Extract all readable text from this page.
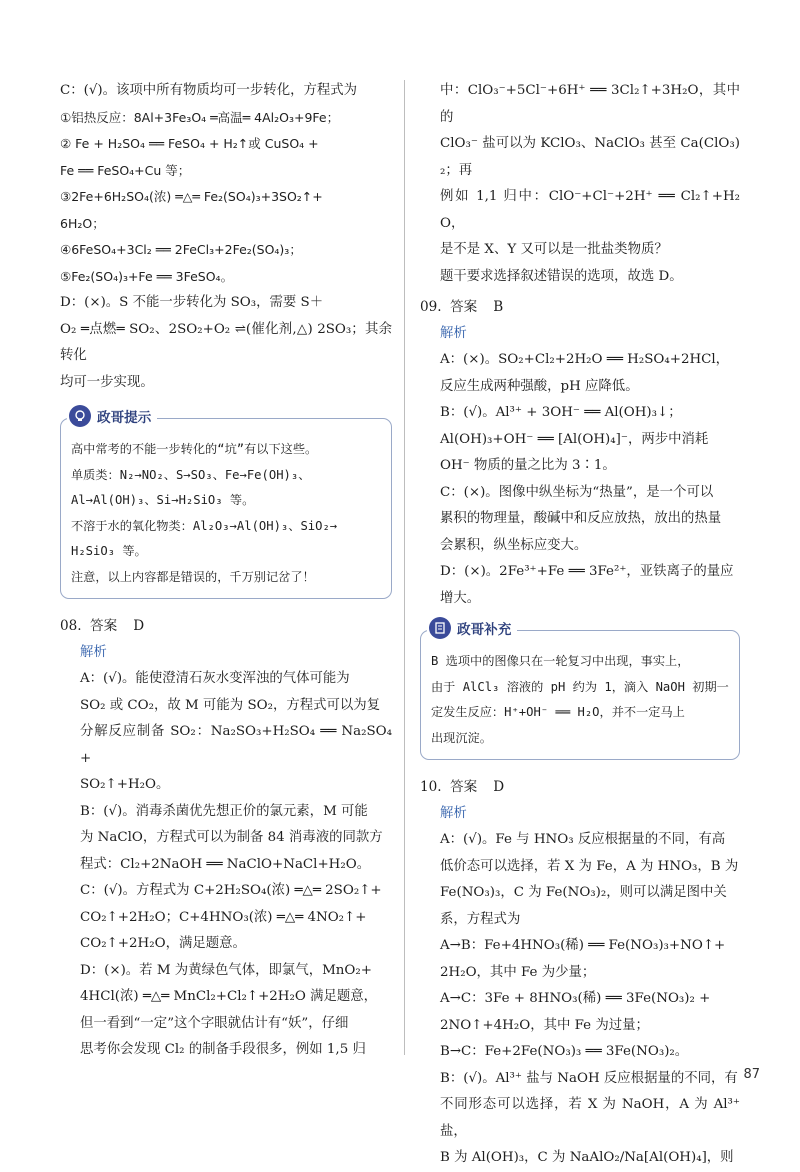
C：(√)。该项中所有物质均可一步转化，方程式为

①铝热反应：8Al+3Fe₃O₄ ═高温═ 4Al₂O₃+9Fe；

② Fe + H₂SO₄ ══ FeSO₄ + H₂↑或 CuSO₄ +

Fe ══ FeSO₄+Cu 等；

③2Fe+6H₂SO₄(浓) ═△═ Fe₂(SO₄)₃+3SO₂↑+

6H₂O；

④6FeSO₄+3Cl₂ ══ 2FeCl₃+2Fe₂(SO₄)₃；

⑤Fe₂(SO₄)₃+Fe ══ 3FeSO₄。

D：(×)。S 不能一步转化为 SO₃，需要 S＋

O₂ ═点燃═ SO₂、2SO₂+O₂ ⇌(催化剂,△) 2SO₃；其余转化

均可一步实现。

政哥提示

高中常考的不能一步转化的“坑”有以下这些。

单质类：N₂→NO₂、S→SO₃、Fe→Fe(OH)₃、

Al→Al(OH)₃、Si→H₂SiO₃ 等。

不溶于水的氧化物类：Al₂O₃→Al(OH)₃、SiO₂→

H₂SiO₃ 等。

注意，以上内容都是错误的，千万别记岔了！

08. 答案 D

解析

A：(√)。能使澄清石灰水变浑浊的气体可能为

SO₂ 或 CO₂，故 M 可能为 SO₂，方程式可以为复

分解反应制备 SO₂：Na₂SO₃+H₂SO₄ ══ Na₂SO₄+

SO₂↑+H₂O。

B：(√)。消毒杀菌优先想正价的氯元素，M 可能

为 NaClO，方程式可以为制备 84 消毒液的同款方

程式：Cl₂+2NaOH ══ NaClO+NaCl+H₂O。

C：(√)。方程式为 C+2H₂SO₄(浓) ═△═ 2SO₂↑+

CO₂↑+2H₂O；C+4HNO₃(浓) ═△═ 4NO₂↑+

CO₂↑+2H₂O，满足题意。

D：(×)。若 M 为黄绿色气体，即氯气，MnO₂+

4HCl(浓) ═△═ MnCl₂+Cl₂↑+2H₂O 满足题意，

但一看到“一定”这个字眼就估计有“妖”，仔细

思考你会发现 Cl₂ 的制备手段很多，例如 1,5 归

中：ClO₃⁻+5Cl⁻+6H⁺ ══ 3Cl₂↑+3H₂O，其中的

ClO₃⁻ 盐可以为 KClO₃、NaClO₃ 甚至 Ca(ClO₃)₂；再

例如 1,1 归中：ClO⁻+Cl⁻+2H⁺ ══ Cl₂↑+H₂O，

是不是 X、Y 又可以是一批盐类物质？

题干要求选择叙述错误的选项，故选 D。

09. 答案 B

解析

A：(×)。SO₂+Cl₂+2H₂O ══ H₂SO₄+2HCl，

反应生成两种强酸，pH 应降低。

B：(√)。Al³⁺ + 3OH⁻ ══ Al(OH)₃↓；

Al(OH)₃+OH⁻ ══ [Al(OH)₄]⁻，两步中消耗

OH⁻ 物质的量之比为 3∶1。

C：(×)。图像中纵坐标为“热量”，是一个可以

累积的物理量，酸碱中和反应放热，放出的热量

会累积，纵坐标应变大。

D：(×)。2Fe³⁺+Fe ══ 3Fe²⁺，亚铁离子的量应

增大。

政哥补充

B 选项中的图像只在一轮复习中出现，事实上，

由于 AlCl₃ 溶液的 pH 约为 1，滴入 NaOH 初期一

定发生反应：H⁺+OH⁻ ══ H₂O，并不一定马上

出现沉淀。

10. 答案 D

解析

A：(√)。Fe 与 HNO₃ 反应根据量的不同，有高

低价态可以选择，若 X 为 Fe，A 为 HNO₃，B 为

Fe(NO₃)₃，C 为 Fe(NO₃)₂，则可以满足图中关

系，方程式为

A→B：Fe+4HNO₃(稀) ══ Fe(NO₃)₃+NO↑+

2H₂O，其中 Fe 为少量；

A→C：3Fe + 8HNO₃(稀) ══ 3Fe(NO₃)₂ +

2NO↑+4H₂O，其中 Fe 为过量；

B→C：Fe+2Fe(NO₃)₃ ══ 3Fe(NO₃)₂。

B：(√)。Al³⁺ 盐与 NaOH 反应根据量的不同，有

不同形态可以选择，若 X 为 NaOH，A 为 Al³⁺ 盐，

B 为 Al(OH)₃，C 为 NaAlO₂/Na[Al(OH)₄]，则

87
